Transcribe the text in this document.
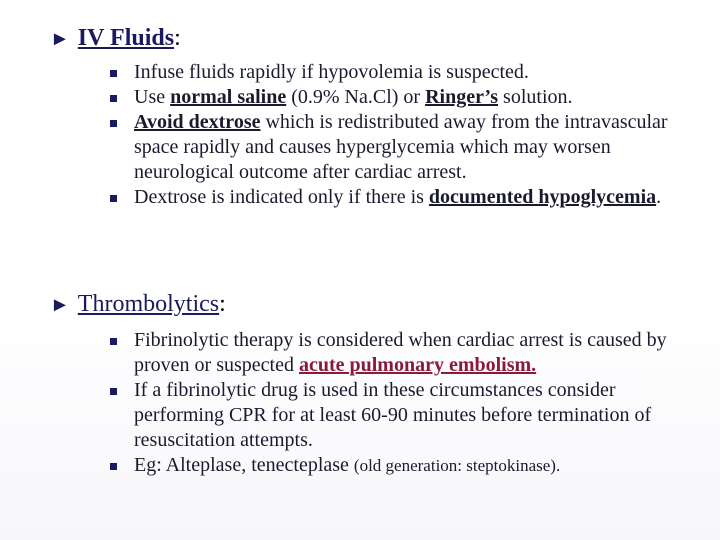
► IV Fluids:
Infuse fluids rapidly if hypovolemia is suspected.
Use normal saline (0.9% Na.Cl) or Ringer’s solution.
Avoid dextrose which is redistributed away from the intravascular space rapidly and causes hyperglycemia which may worsen neurological outcome after cardiac arrest.
Dextrose is indicated only if there is documented hypoglycemia.
► Thrombolytics:
Fibrinolytic therapy is considered when cardiac arrest is caused by proven or suspected acute pulmonary embolism.
If a fibrinolytic drug is used in these circumstances consider performing CPR for at least 60-90 minutes before termination of resuscitation attempts.
Eg: Alteplase, tenecteplase (old generation: steptokinase).
